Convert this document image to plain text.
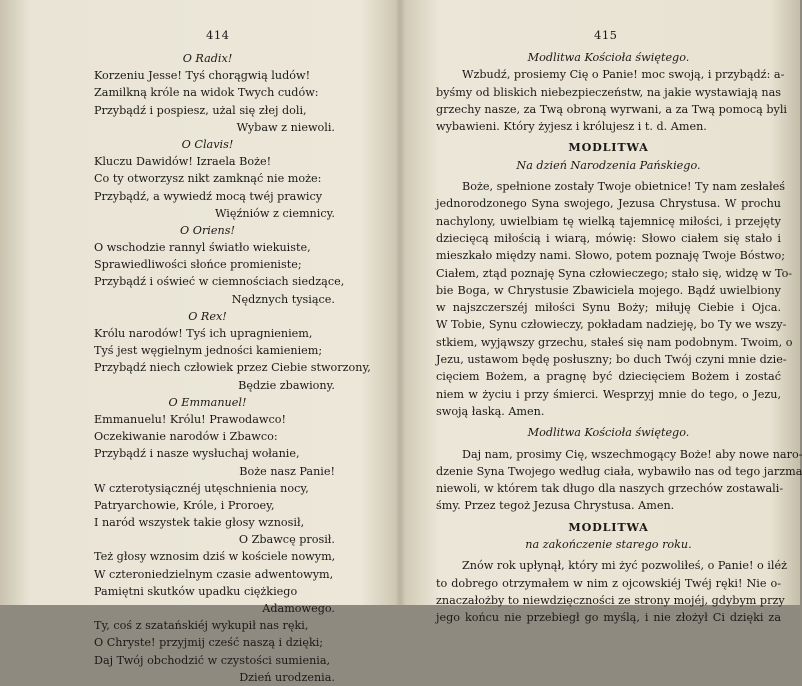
414
O Radix!
Korzeniu Jesse! Tyś chorągwią ludów!
Zamilkną króle na widok Twych cudów:
Przybądź i pospiesz, użal się złej doli,
Wybaw z niewoli.
O Clavis!
Kluczu Dawidów! Izraela Boże!
Co ty otworzysz nikt zamknąć nie może:
Przybądź, a wywiedź mocą twéj prawicy
Więźniów z ciemnicy.
O Oriens!
O wschodzie rannyl światło wiekuiste,
Sprawiedliwości słońce promieniste;
Przybądź i oświeć w ciemnościach siedzące,
Nędznych tysiące.
O Rex!
Królu narodów! Tyś ich upragnieniem,
Tyś jest węgielnym jedności kamieniem;
Przybądź niech człowiek przez Ciebie stworzony,
Będzie zbawiony.
O Emmanuel!
Emmanuelu! Królu! Prawodawco!
Oczekiwanie narodów i Zbawco:
Przybądź i nasze wysłuchaj wołanie,
Boże nasz Panie!
W czterotysiącznéj utęschnienia nocy,
Patryarchowie, Króle, i Proroey,
I naród wszystek takie głosy wznosił,
O Zbawcę prosił.
Też głosy wznosim dziś w kościele nowym,
W czteroniedzielnym czasie adwentowym,
Pamiętni skutków upadku ciężkiego
Adamowego.
Ty, coś z szatańskiéj wykupił nas ręki,
O Chryste! przyjmij cześć naszą i dzięki;
Daj Twój obchodzić w czystości sumienia,
Dzień urodzenia.
415
Modlitwa Kościoła świętego.
Wzbudź, prosiemy Cię o Panie! moc swoją, i przybądź: a-
byśmy od bliskich niebezpieczeństw, na jakie wystawiają nas
grzechy nasze, za Twą obroną wyrwani, a za Twą pomocą byli
wybawieni. Który żyjesz i królujesz i t. d. Amen.
MODLITWA
Na dzień Narodzenia Pańskiego.
Boże, spełnione zostały Twoje obietnice! Ty nam zesłałeś
jednorodzonego Syna swojego, Jezusa Chrystusa. W prochu
nachylony, uwielbiam tę wielką tajemnicę miłości, i przejęty
dziecięcą miłością i wiarą, mówię: Słowo ciałem się stało i
mieszkało między nami. Słowo, potem poznaję Twoje Bóstwo;
Ciałem, ztąd poznaję Syna człowieczego; stało się, widzę w To-
bie Boga, w Chrystusie Zbawiciela mojego. Bądź uwielbiony
w najszczerszéj miłości Synu Boży; miłuję Ciebie i Ojca.
W Tobie, Synu człowieczy, pokładam nadzieję, bo Ty we wszy-
stkiem, wyjąwszy grzechu, stałeś się nam podobnym. Twoim, o
Jezu, ustawom będę posłuszny; bo duch Twój czyni mnie dzie-
cięciem Bożem, a pragnę być dziecięciem Bożem i zostać
niem w życiu i przy śmierci. Wesprzyj mnie do tego, o Jezu,
swoją łaską. Amen.
Modlitwa Kościoła świętego.
Daj nam, prosimy Cię, wszechmogący Boże! aby nowe naro-
dzenie Syna Twojego według ciała, wybawiło nas od tego jarzma
niewoli, w którem tak długo dla naszych grzechów zostawali-
śmy. Przez tegoż Jezusa Chrystusa. Amen.
MODLITWA
na zakończenie starego roku.
Znów rok upłynął, który mi żyć pozwoliłeś, o Panie! o iléż
to dobrego otrzymałem w nim z ojcowskiéj Twéj ręki! Nie o-
znaczałożby to niewdzięczności ze strony mojéj, gdybym przy
jego końcu nie przebiegł go myślą, i nie złożył Ci dzięki za
